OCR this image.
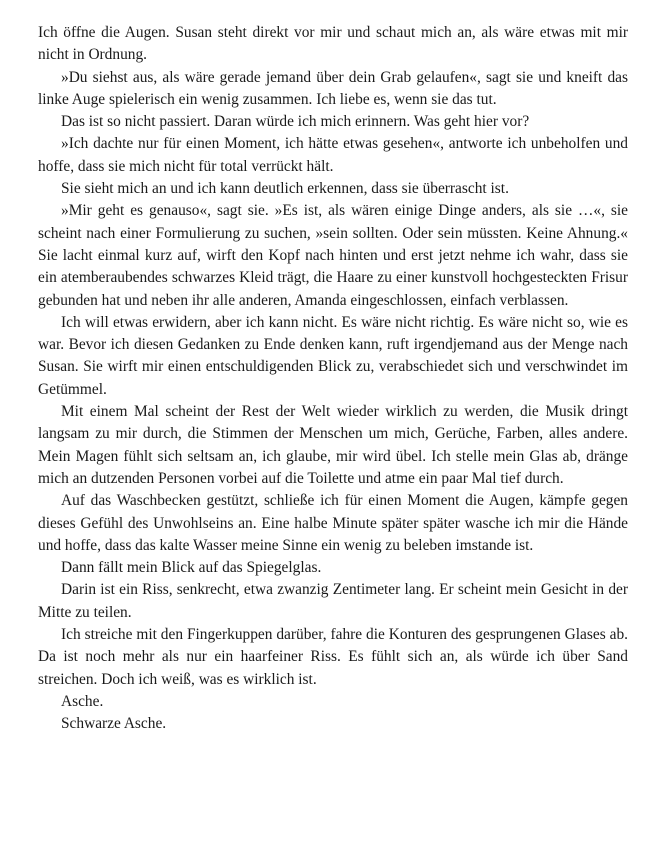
Ich öffne die Augen. Susan steht direkt vor mir und schaut mich an, als wäre etwas mit mir nicht in Ordnung.

»Du siehst aus, als wäre gerade jemand über dein Grab gelaufen«, sagt sie und kneift das linke Auge spielerisch ein wenig zusammen. Ich liebe es, wenn sie das tut.

Das ist so nicht passiert. Daran würde ich mich erinnern. Was geht hier vor?

»Ich dachte nur für einen Moment, ich hätte etwas gesehen«, antworte ich unbeholfen und hoffe, dass sie mich nicht für total verrückt hält.

Sie sieht mich an und ich kann deutlich erkennen, dass sie überrascht ist.

»Mir geht es genauso«, sagt sie. »Es ist, als wären einige Dinge anders, als sie …«, sie scheint nach einer Formulierung zu suchen, »sein sollten. Oder sein müssten. Keine Ahnung.« Sie lacht einmal kurz auf, wirft den Kopf nach hinten und erst jetzt nehme ich wahr, dass sie ein atemberaubendes schwarzes Kleid trägt, die Haare zu einer kunstvoll hochgesteckten Frisur gebunden hat und neben ihr alle anderen, Amanda eingeschlossen, einfach verblassen.

Ich will etwas erwidern, aber ich kann nicht. Es wäre nicht richtig. Es wäre nicht so, wie es war. Bevor ich diesen Gedanken zu Ende denken kann, ruft irgendjemand aus der Menge nach Susan. Sie wirft mir einen entschuldigenden Blick zu, verabschiedet sich und verschwindet im Getümmel.

Mit einem Mal scheint der Rest der Welt wieder wirklich zu werden, die Musik dringt langsam zu mir durch, die Stimmen der Menschen um mich, Gerüche, Farben, alles andere. Mein Magen fühlt sich seltsam an, ich glaube, mir wird übel. Ich stelle mein Glas ab, dränge mich an dutzenden Personen vorbei auf die Toilette und atme ein paar Mal tief durch.

Auf das Waschbecken gestützt, schließe ich für einen Moment die Augen, kämpfe gegen dieses Gefühl des Unwohlseins an. Eine halbe Minute später später wasche ich mir die Hände und hoffe, dass das kalte Wasser meine Sinne ein wenig zu beleben imstande ist.

Dann fällt mein Blick auf das Spiegelglas.

Darin ist ein Riss, senkrecht, etwa zwanzig Zentimeter lang. Er scheint mein Gesicht in der Mitte zu teilen.

Ich streiche mit den Fingerkuppen darüber, fahre die Konturen des gesprungenen Glases ab. Da ist noch mehr als nur ein haarfeiner Riss. Es fühlt sich an, als würde ich über Sand streichen. Doch ich weiß, was es wirklich ist.

Asche.

Schwarze Asche.
